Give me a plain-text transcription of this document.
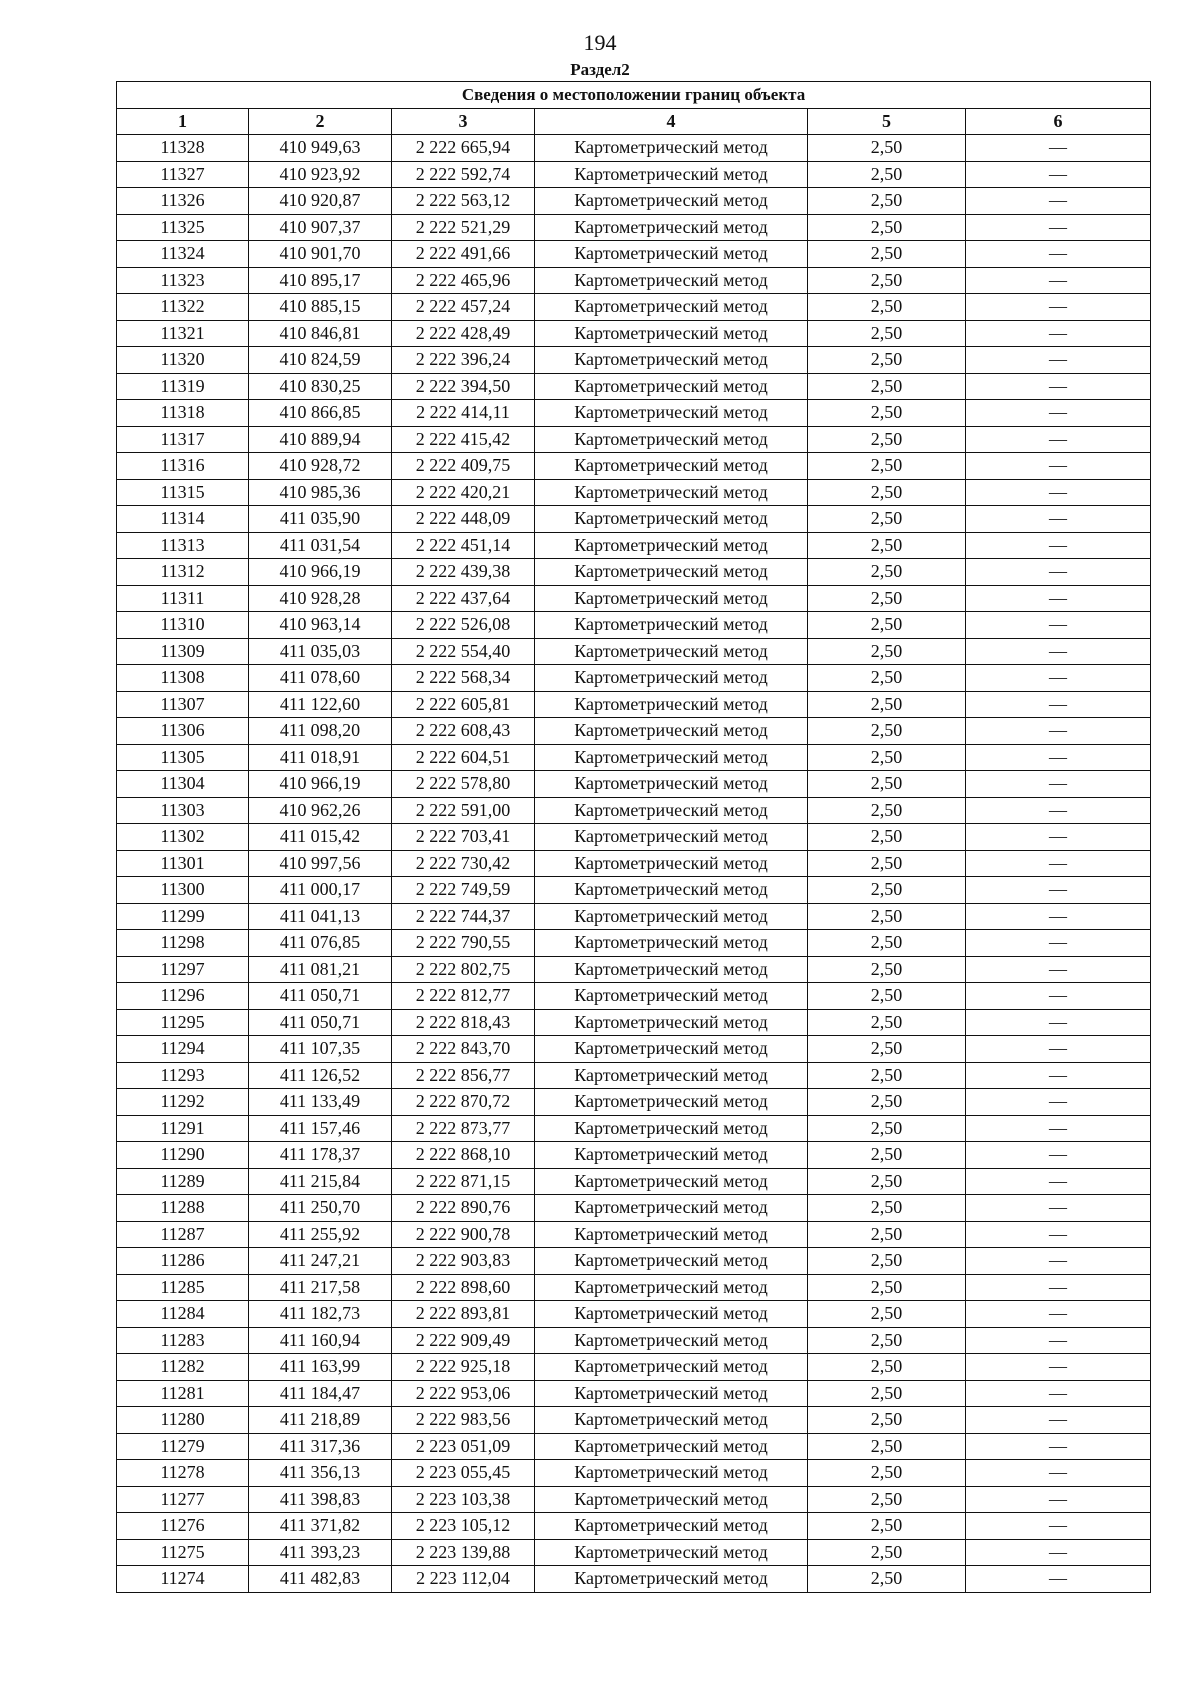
194
Раздел2
Сведения о местоположении границ объекта					
1	2	3	4	5	6
11328	410 949,63	2 222 665,94	Картометрический метод	2,50	—
11327	410 923,92	2 222 592,74	Картометрический метод	2,50	—
11326	410 920,87	2 222 563,12	Картометрический метод	2,50	—
11325	410 907,37	2 222 521,29	Картометрический метод	2,50	—
11324	410 901,70	2 222 491,66	Картометрический метод	2,50	—
11323	410 895,17	2 222 465,96	Картометрический метод	2,50	—
11322	410 885,15	2 222 457,24	Картометрический метод	2,50	—
11321	410 846,81	2 222 428,49	Картометрический метод	2,50	—
11320	410 824,59	2 222 396,24	Картометрический метод	2,50	—
11319	410 830,25	2 222 394,50	Картометрический метод	2,50	—
11318	410 866,85	2 222 414,11	Картометрический метод	2,50	—
11317	410 889,94	2 222 415,42	Картометрический метод	2,50	—
11316	410 928,72	2 222 409,75	Картометрический метод	2,50	—
11315	410 985,36	2 222 420,21	Картометрический метод	2,50	—
11314	411 035,90	2 222 448,09	Картометрический метод	2,50	—
11313	411 031,54	2 222 451,14	Картометрический метод	2,50	—
11312	410 966,19	2 222 439,38	Картометрический метод	2,50	—
11311	410 928,28	2 222 437,64	Картометрический метод	2,50	—
11310	410 963,14	2 222 526,08	Картометрический метод	2,50	—
11309	411 035,03	2 222 554,40	Картометрический метод	2,50	—
11308	411 078,60	2 222 568,34	Картометрический метод	2,50	—
11307	411 122,60	2 222 605,81	Картометрический метод	2,50	—
11306	411 098,20	2 222 608,43	Картометрический метод	2,50	—
11305	411 018,91	2 222 604,51	Картометрический метод	2,50	—
11304	410 966,19	2 222 578,80	Картометрический метод	2,50	—
11303	410 962,26	2 222 591,00	Картометрический метод	2,50	—
11302	411 015,42	2 222 703,41	Картометрический метод	2,50	—
11301	410 997,56	2 222 730,42	Картометрический метод	2,50	—
11300	411 000,17	2 222 749,59	Картометрический метод	2,50	—
11299	411 041,13	2 222 744,37	Картометрический метод	2,50	—
11298	411 076,85	2 222 790,55	Картометрический метод	2,50	—
11297	411 081,21	2 222 802,75	Картометрический метод	2,50	—
11296	411 050,71	2 222 812,77	Картометрический метод	2,50	—
11295	411 050,71	2 222 818,43	Картометрический метод	2,50	—
11294	411 107,35	2 222 843,70	Картометрический метод	2,50	—
11293	411 126,52	2 222 856,77	Картометрический метод	2,50	—
11292	411 133,49	2 222 870,72	Картометрический метод	2,50	—
11291	411 157,46	2 222 873,77	Картометрический метод	2,50	—
11290	411 178,37	2 222 868,10	Картометрический метод	2,50	—
11289	411 215,84	2 222 871,15	Картометрический метод	2,50	—
11288	411 250,70	2 222 890,76	Картометрический метод	2,50	—
11287	411 255,92	2 222 900,78	Картометрический метод	2,50	—
11286	411 247,21	2 222 903,83	Картометрический метод	2,50	—
11285	411 217,58	2 222 898,60	Картометрический метод	2,50	—
11284	411 182,73	2 222 893,81	Картометрический метод	2,50	—
11283	411 160,94	2 222 909,49	Картометрический метод	2,50	—
11282	411 163,99	2 222 925,18	Картометрический метод	2,50	—
11281	411 184,47	2 222 953,06	Картометрический метод	2,50	—
11280	411 218,89	2 222 983,56	Картометрический метод	2,50	—
11279	411 317,36	2 223 051,09	Картометрический метод	2,50	—
11278	411 356,13	2 223 055,45	Картометрический метод	2,50	—
11277	411 398,83	2 223 103,38	Картометрический метод	2,50	—
11276	411 371,82	2 223 105,12	Картометрический метод	2,50	—
11275	411 393,23	2 223 139,88	Картометрический метод	2,50	—
11274	411 482,83	2 223 112,04	Картометрический метод	2,50	—
